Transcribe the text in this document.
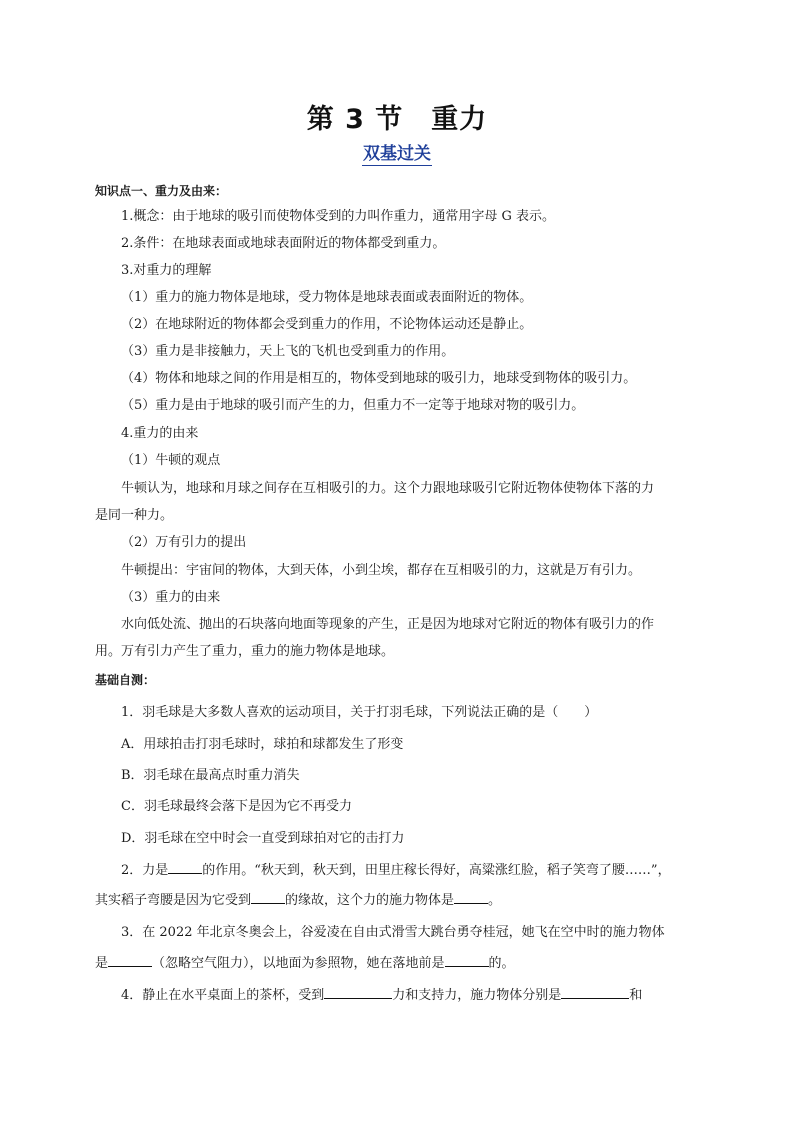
第 3 节　重力
双基过关
知识点一、重力及由来：
1.概念：由于地球的吸引而使物体受到的力叫作重力，通常用字母 G 表示。
2.条件：在地球表面或地球表面附近的物体都受到重力。
3.对重力的理解
（1）重力的施力物体是地球，受力物体是地球表面或表面附近的物体。
（2）在地球附近的物体都会受到重力的作用，不论物体运动还是静止。
（3）重力是非接触力，天上飞的飞机也受到重力的作用。
（4）物体和地球之间的作用是相互的，物体受到地球的吸引力，地球受到物体的吸引力。
（5）重力是由于地球的吸引而产生的力，但重力不一定等于地球对物的吸引力。
4.重力的由来
（1）牛顿的观点
牛顿认为，地球和月球之间存在互相吸引的力。这个力跟地球吸引它附近物体使物体下落的力
是同一种力。
（2）万有引力的提出
牛顿提出：宇宙间的物体，大到天体，小到尘埃，都存在互相吸引的力，这就是万有引力。
（3）重力的由来
水向低处流、抛出的石块落向地面等现象的产生，正是因为地球对它附近的物体有吸引力的作
用。万有引力产生了重力，重力的施力物体是地球。
基础自测：
1．羽毛球是大多数人喜欢的运动项目，关于打羽毛球，下列说法正确的是（　　）
A．用球拍击打羽毛球时，球拍和球都发生了形变
B．羽毛球在最高点时重力消失
C．羽毛球最终会落下是因为它不再受力
D．羽毛球在空中时会一直受到球拍对它的击打力
2．力是	的作用。“秋天到，秋天到，田里庄稼长得好，高粱涨红脸，稻子笑弯了腰……”，
其实稻子弯腰是因为它受到	的缘故，这个力的施力物体是	。
3．在 2022 年北京冬奥会上，谷爱凌在自由式滑雪大跳台勇夺桂冠，她飞在空中时的施力物体
是	（忽略空气阻力），以地面为参照物，她在落地前是	的。
4．静止在水平桌面上的茶杯，受到	力和支持力，施力物体分别是	和
